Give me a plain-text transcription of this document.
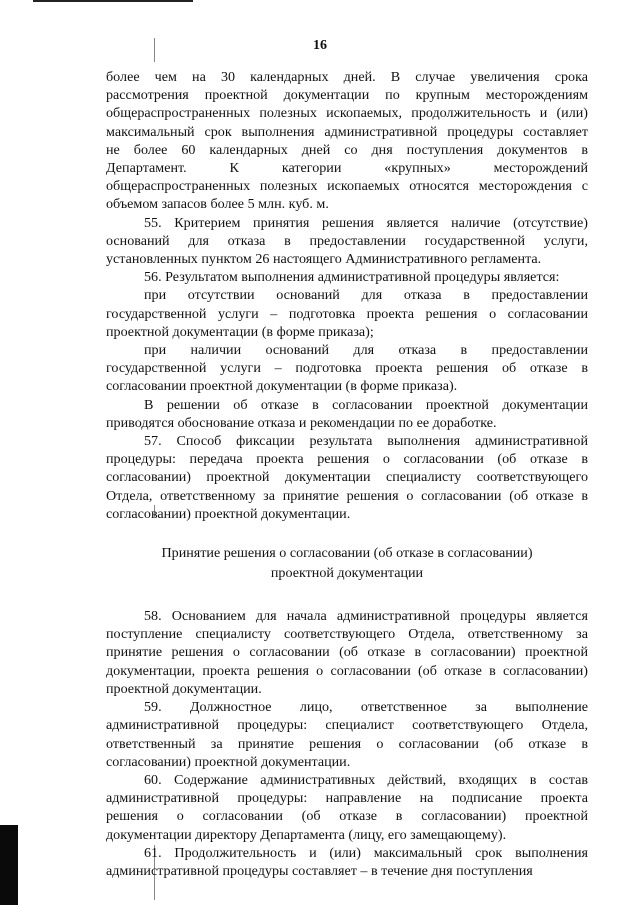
16

более чем на 30 календарных дней. В случае увеличения срока
рассмотрения проектной документации по крупным месторождениям
общераспространенных полезных ископаемых, продолжительность и (или)
максимальный срок выполнения административной процедуры составляет
не более 60 календарных дней со дня поступления документов в
Департамент. К категории «крупных» месторождений
общераспространенных полезных ископаемых относятся месторождения с
объемом запасов более 5 млн. куб. м.

55. Критерием принятия решения является наличие (отсутствие)
оснований для отказа в предоставлении государственной услуги,
установленных пунктом 26 настоящего Административного регламента.

56. Результатом выполнения административной процедуры является:

при отсутствии оснований для отказа в предоставлении
государственной услуги – подготовка проекта решения о согласовании
проектной документации (в форме приказа);

при наличии оснований для отказа в предоставлении
государственной услуги – подготовка проекта решения об отказе в
согласовании проектной документации (в форме приказа).

В решении об отказе в согласовании проектной документации
приводятся обоснование отказа и рекомендации по ее доработке.

57. Способ фиксации результата выполнения административной
процедуры: передача проекта решения о согласовании (об отказе в
согласовании) проектной документации специалисту соответствующего
Отдела, ответственному за принятие решения о согласовании (об отказе в
согласовании) проектной документации.

Принятие решения о согласовании (об отказе в согласовании)
проектной документации

58. Основанием для начала административной процедуры является
поступление специалисту соответствующего Отдела, ответственному за
принятие решения о согласовании (об отказе в согласовании) проектной
документации, проекта решения о согласовании (об отказе в согласовании)
проектной документации.

59. Должностное лицо, ответственное за выполнение
административной процедуры: специалист соответствующего Отдела,
ответственный за принятие решения о согласовании (об отказе в
согласовании) проектной документации.

60. Содержание административных действий, входящих в состав
административной процедуры: направление на подписание проекта
решения о согласовании (об отказе в согласовании) проектной
документации директору Департамента (лицу, его замещающему).

61. Продолжительность и (или) максимальный срок выполнения
административной процедуры составляет – в течение дня поступления
